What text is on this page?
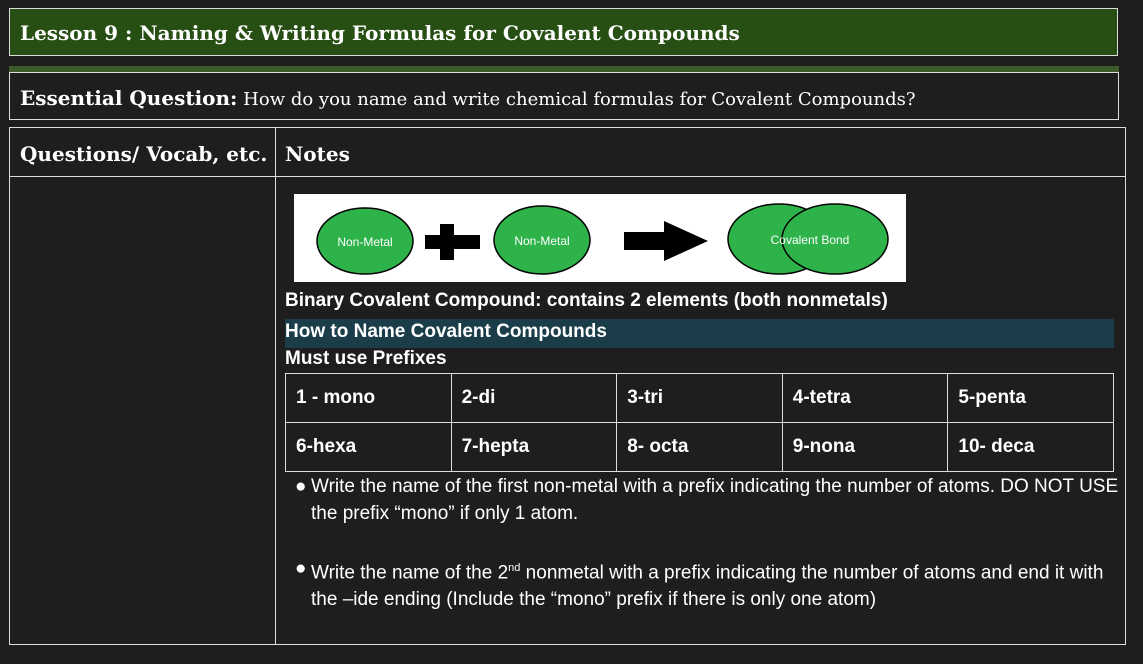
Lesson 9 : Naming & Writing Formulas for Covalent Compounds
Essential Question: How do you name and write chemical formulas for Covalent Compounds?
Questions/ Vocab, etc. Notes
Non-Metal	Non-Metal	Covalent Bond
Binary Covalent Compound: contains 2 elements (both nonmetals)
How to Name Covalent Compounds
Must use Prefixes
1 - mono	2-di	3-tri	4-tetra	5-penta
6-hexa	7-hepta	8- octa	9-nona	10- deca
● Write the name of the first non-metal with a prefix indicating the number of atoms. DO NOT USE the prefix “mono” if only 1 atom.
● Write the name of the 2nd nonmetal with a prefix indicating the number of atoms and end it with the –ide ending (Include the “mono” prefix if there is only one atom)
